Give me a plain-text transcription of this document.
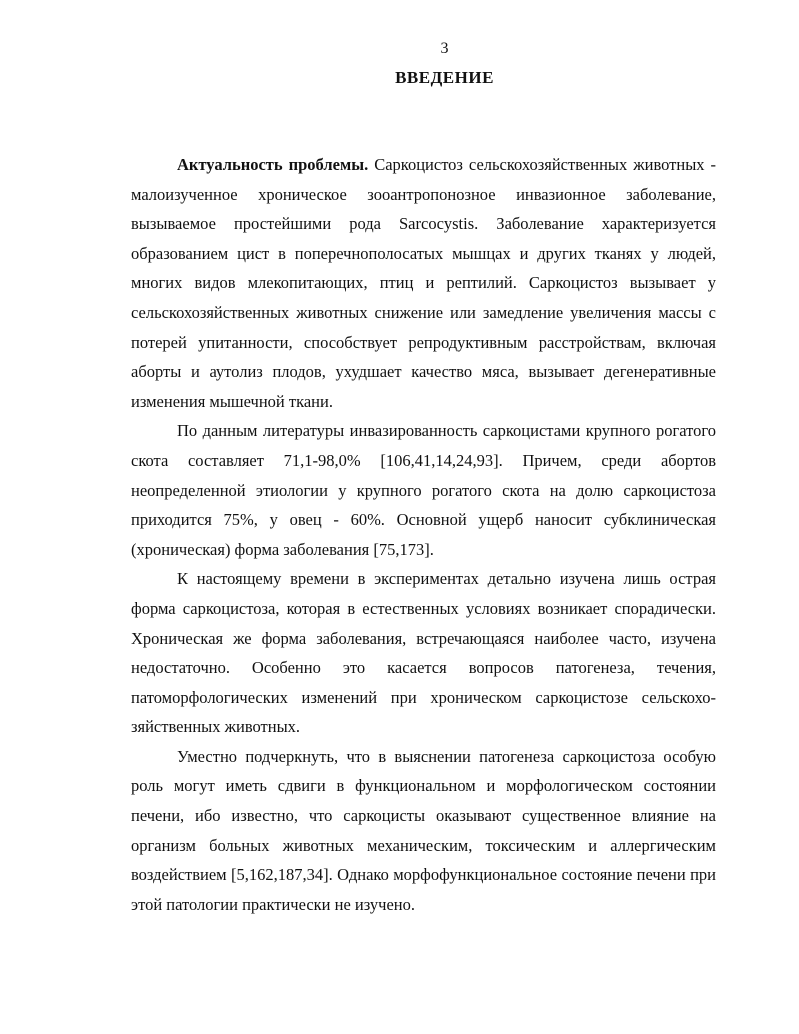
3
ВВЕДЕНИЕ

Актуальность проблемы. Саркоцистоз сельскохозяйственных животных - малоизученное хроническое зооантропонозное инвазионное заболевание, вызываемое простейшими рода Sarcocystis. Заболевание характеризуется образованием цист в поперечнополосатых мышцах и других тканях у людей, многих видов млекопитающих, птиц и рептилий. Саркоцистоз вызывает у сельскохозяйственных животных снижение или замедление увеличения массы с потерей упитанности, способствует репродуктивным расстройствам, включая аборты и аутолиз плодов, ухудшает качество мяса, вызывает дегенеративные изменения мышечной ткани.

По данным литературы инвазированность саркоцистами крупного рогатого скота составляет 71,1-98,0% [106,41,14,24,93]. Причем, среди абортов неопределенной этиологии у крупного рогатого скота на долю саркоцистоза приходится 75%, у овец - 60%. Основной ущерб наносит субклиническая (хроническая) форма заболевания [75,173].

К настоящему времени в экспериментах детально изучена лишь острая форма саркоцистоза, которая в естественных условиях возникает спорадически. Хроническая же форма заболевания, встречающаяся наиболее часто, изучена недостаточно. Особенно это касается вопросов патогенеза, течения, патоморфологических изменений при хроническом саркоцистозе сельскохозяйственных животных.

Уместно подчеркнуть, что в выяснении патогенеза саркоцистоза особую роль могут иметь сдвиги в функциональном и морфологическом состоянии печени, ибо известно, что саркоцисты оказывают существенное влияние на организм больных животных механическим, токсическим и аллергическим воздействием [5,162,187,34]. Однако морфофункциональное состояние печени при этой патологии практически не изучено.
